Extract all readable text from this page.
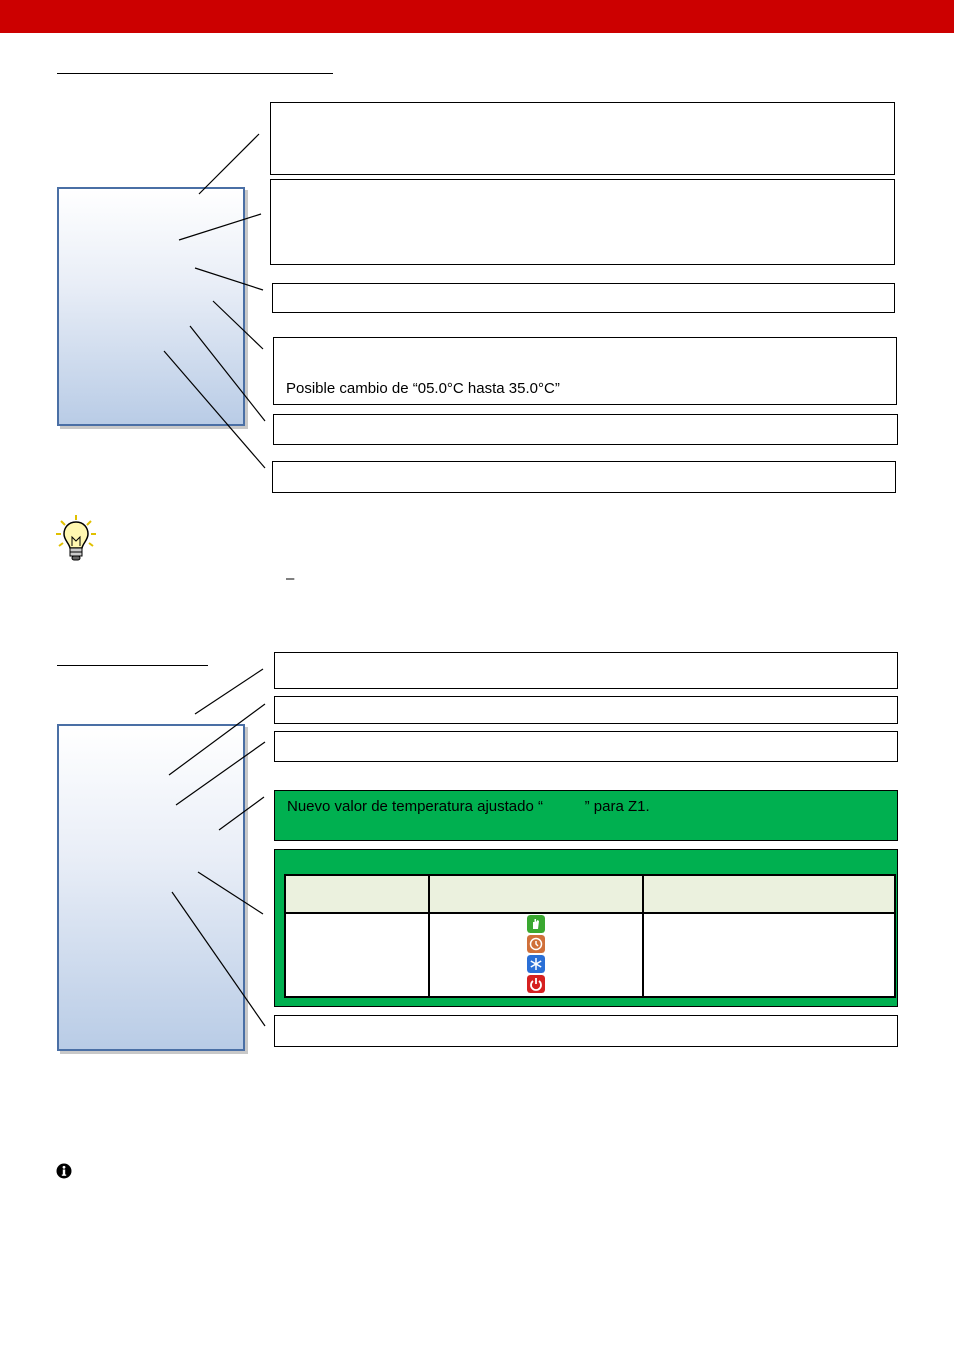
Posible cambio de “05.0°C hasta 35.0°C”
–
Nuevo valor de temperatura ajustado “          ” para Z1.
